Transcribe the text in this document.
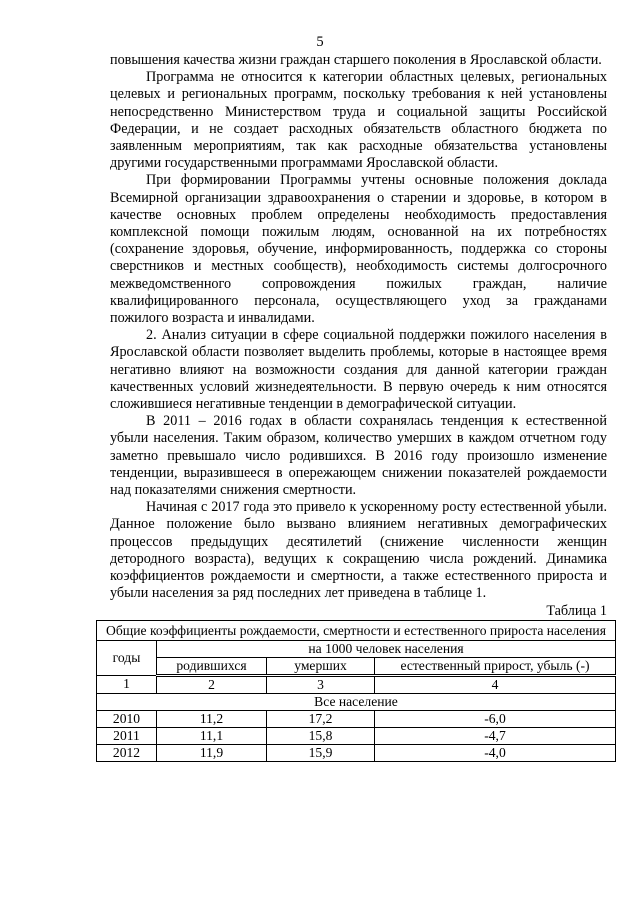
5

повышения качества жизни граждан старшего поколения в Ярославской области.

Программа не относится к категории областных целевых, региональных целевых и региональных программ, поскольку требования к ней установлены непосредственно Министерством труда и социальной защиты Российской Федерации, и не создает расходных обязательств областного бюджета по заявленным мероприятиям, так как расходные обязательства установлены другими государственными программами Ярославской области.

При формировании Программы учтены основные положения доклада Всемирной организации здравоохранения о старении и здоровье, в котором в качестве основных проблем определены необходимость предоставления комплексной помощи пожилым людям, основанной на их потребностях (сохранение здоровья, обучение, информированность, поддержка со стороны сверстников и местных сообществ), необходимость системы долгосрочного межведомственного сопровождения пожилых граждан, наличие квалифицированного персонала, осуществляющего уход за гражданами пожилого возраста и инвалидами.

2. Анализ ситуации в сфере социальной поддержки пожилого населения в Ярославской области позволяет выделить проблемы, которые в настоящее время негативно влияют на возможности создания для данной категории граждан качественных условий жизнедеятельности. В первую очередь к ним относятся сложившиеся негативные тенденции в демографической ситуации.

В 2011 – 2016 годах в области сохранялась тенденция к естественной убыли населения. Таким образом, количество умерших в каждом отчетном году заметно превышало число родившихся. В 2016 году произошло изменение тенденции, выразившееся в опережающем снижении показателей рождаемости над показателями снижения смертности.

Начиная с 2017 года это привело к ускоренному росту естественной убыли. Данное положение было вызвано влиянием негативных демографических процессов предыдущих десятилетий (снижение численности женщин детородного возраста), ведущих к сокращению числа рождений. Динамика коэффициентов рождаемости и смертности, а также естественного прироста и убыли населения за ряд последних лет приведена в таблице 1.

Таблица 1
Общие коэффициенты рождаемости, смертности и естественного прироста населения			
годы	на 1000 человек населения		
	родившихся	умерших	естественный прирост, убыль (-)
1	2	3	4
Все население			
2010	11,2	17,2	-6,0
2011	11,1	15,8	-4,7
2012	11,9	15,9	-4,0
